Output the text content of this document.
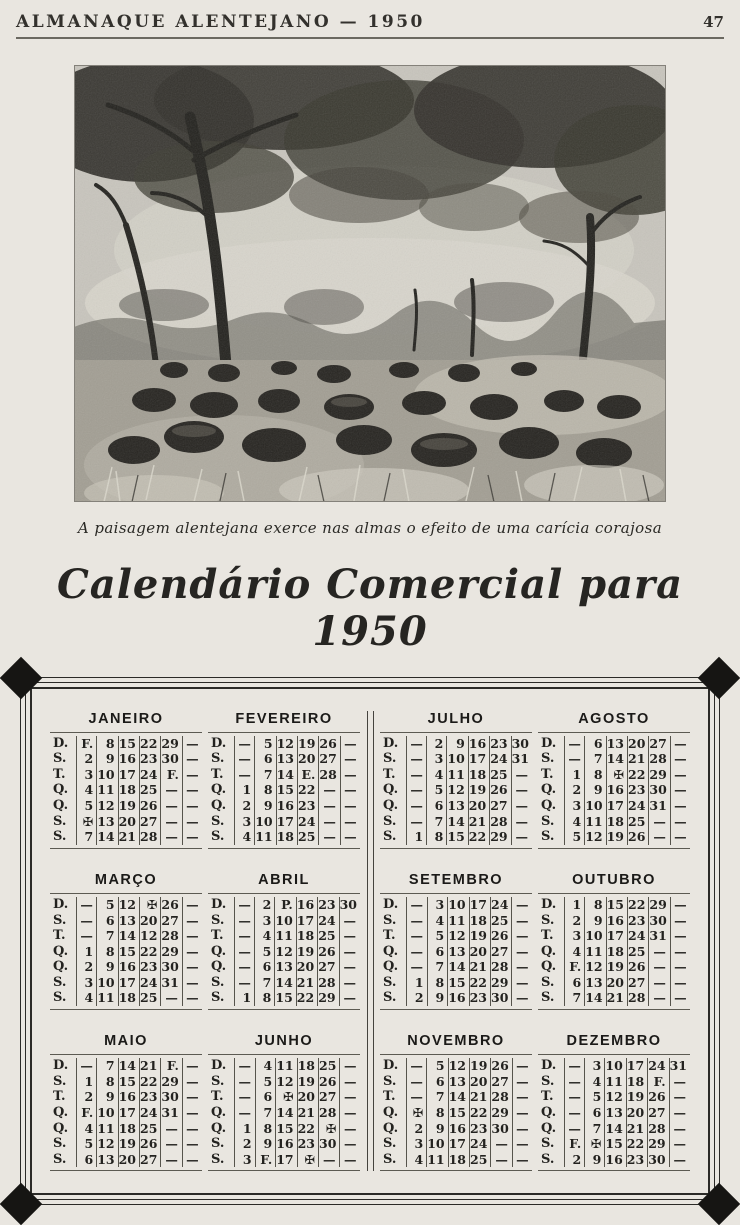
ALMANAQUE ALENTEJANO — 1950	47
A paisagem alentejana exerce nas almas o efeito de uma carícia corajosa
Calendário Comercial para 1950
JANEIRO
D.	F.	8 15 22 29 —
S.	2	9 16 23 30 —
T.	3 10 17 24 F. —
Q.	4 11 18 25 — —
Q.	5 12 19 26 — —
S.	✠ 13 20 27 — —
S.	7 14 21 28 — —
FEVEREIRO
D. —	5 12 19 26 —
S.	—	6 13 20 27 —
T.	—	7 14 E. 28 —
Q.	1	8 15 22 — —
Q.	2	9 16 23 — —
S.	3 10 17 24 — —
S.	4 11 18 25 — —
JULHO
D. — 2	9 16 23 30
S.	— 3 10 17 24 31
T.	— 4 11 18 25 —
Q. — 5 12 19 26 —
Q. — 6 13 20 27 —
S.	— 7 14 21 28 —
S.	1 8 15 22 29 —
AGOSTO
D. —	6 13 20 27 —
S.	—	7 14 21 28 —
T.	1	8 ✠ 22 29 —
Q.	2	9 16 23 30 —
Q.	3 10 17 24 31 —
S.	4 11 18 25 — —
S.	5 12 19 26 — —
MARÇO
D. —	5 12 ✠ 26 —
S.	—	6 13 20 27 —
T.	—	7 14 12 28 —
Q.	1	8 15 22 29 —
Q.	2	9 16 23 30 —
S.	3 10 17 24 31 —
S.	4 11 18 25 — —
ABRIL
D. — 2 P. 16 23 30
S.	— 3 10 17 24 —
T.	— 4 11 18 25 —
Q. — 5 12 19 26 —
Q. — 6 13 20 27 —
S.	— 7 14 21 28 —
S.	1 8 15 22 29 —
SETEMBRO
D. — 3 10 17 24 —
S.	— 4 11 18 25 —
T.	— 5 12 19 26 —
Q. — 6 13 20 27 —
Q. — 7 14 21 28 —
S.	1 8 15 22 29 —
S.	2 9 16 23 30 —
OUTUBRO
D.	1	8 15 22 29 —
S.	2	9 16 23 30 —
T.	3 10 17 24 31 —
Q.	4 11 18 25 — —
Q.	F. 12 19 26 — —
S.	6 13 20 27 — —
S.	7 14 21 28 — —
MAIO
D. —	7 14 21 F. —
S.	1	8 15 22 29 —
T.	2	9 16 23 30 —
Q.	F. 10 17 24 31 —
Q.	4 11 18 25 — —
S.	5 12 19 26 — —
S.	6 13 20 27 — —
JUNHO
D. — 4 11 18 25 —
S.	— 5 12 19 26 —
T.	— 6 ✠ 20 27 —
Q. — 7 14 21 28 —
Q.	1 8 15 22 ✠ —
S.	2 9 16 23 30 —
S.	3 F. 17 ✠ — —
NOVEMBRO
D. —	5 12 19 26 —
S.	—	6 13 20 27 —
T.	—	7 14 21 28 —
Q.	✠	8 15 22 29 —
Q.	2	9 16 23 30 —
S.	3 10 17 24 — —
S.	4 11 18 25 — —
DEZEMBRO
D. — 3 10 17 24 31
S.	— 4 11 18 F. —
T.	— 5 12 19 26 —
Q. — 6 13 20 27 —
Q. — 7 14 21 28 —
S.	F. ✠ 15 22 29 —
S.	2 9 16 23 30 —
